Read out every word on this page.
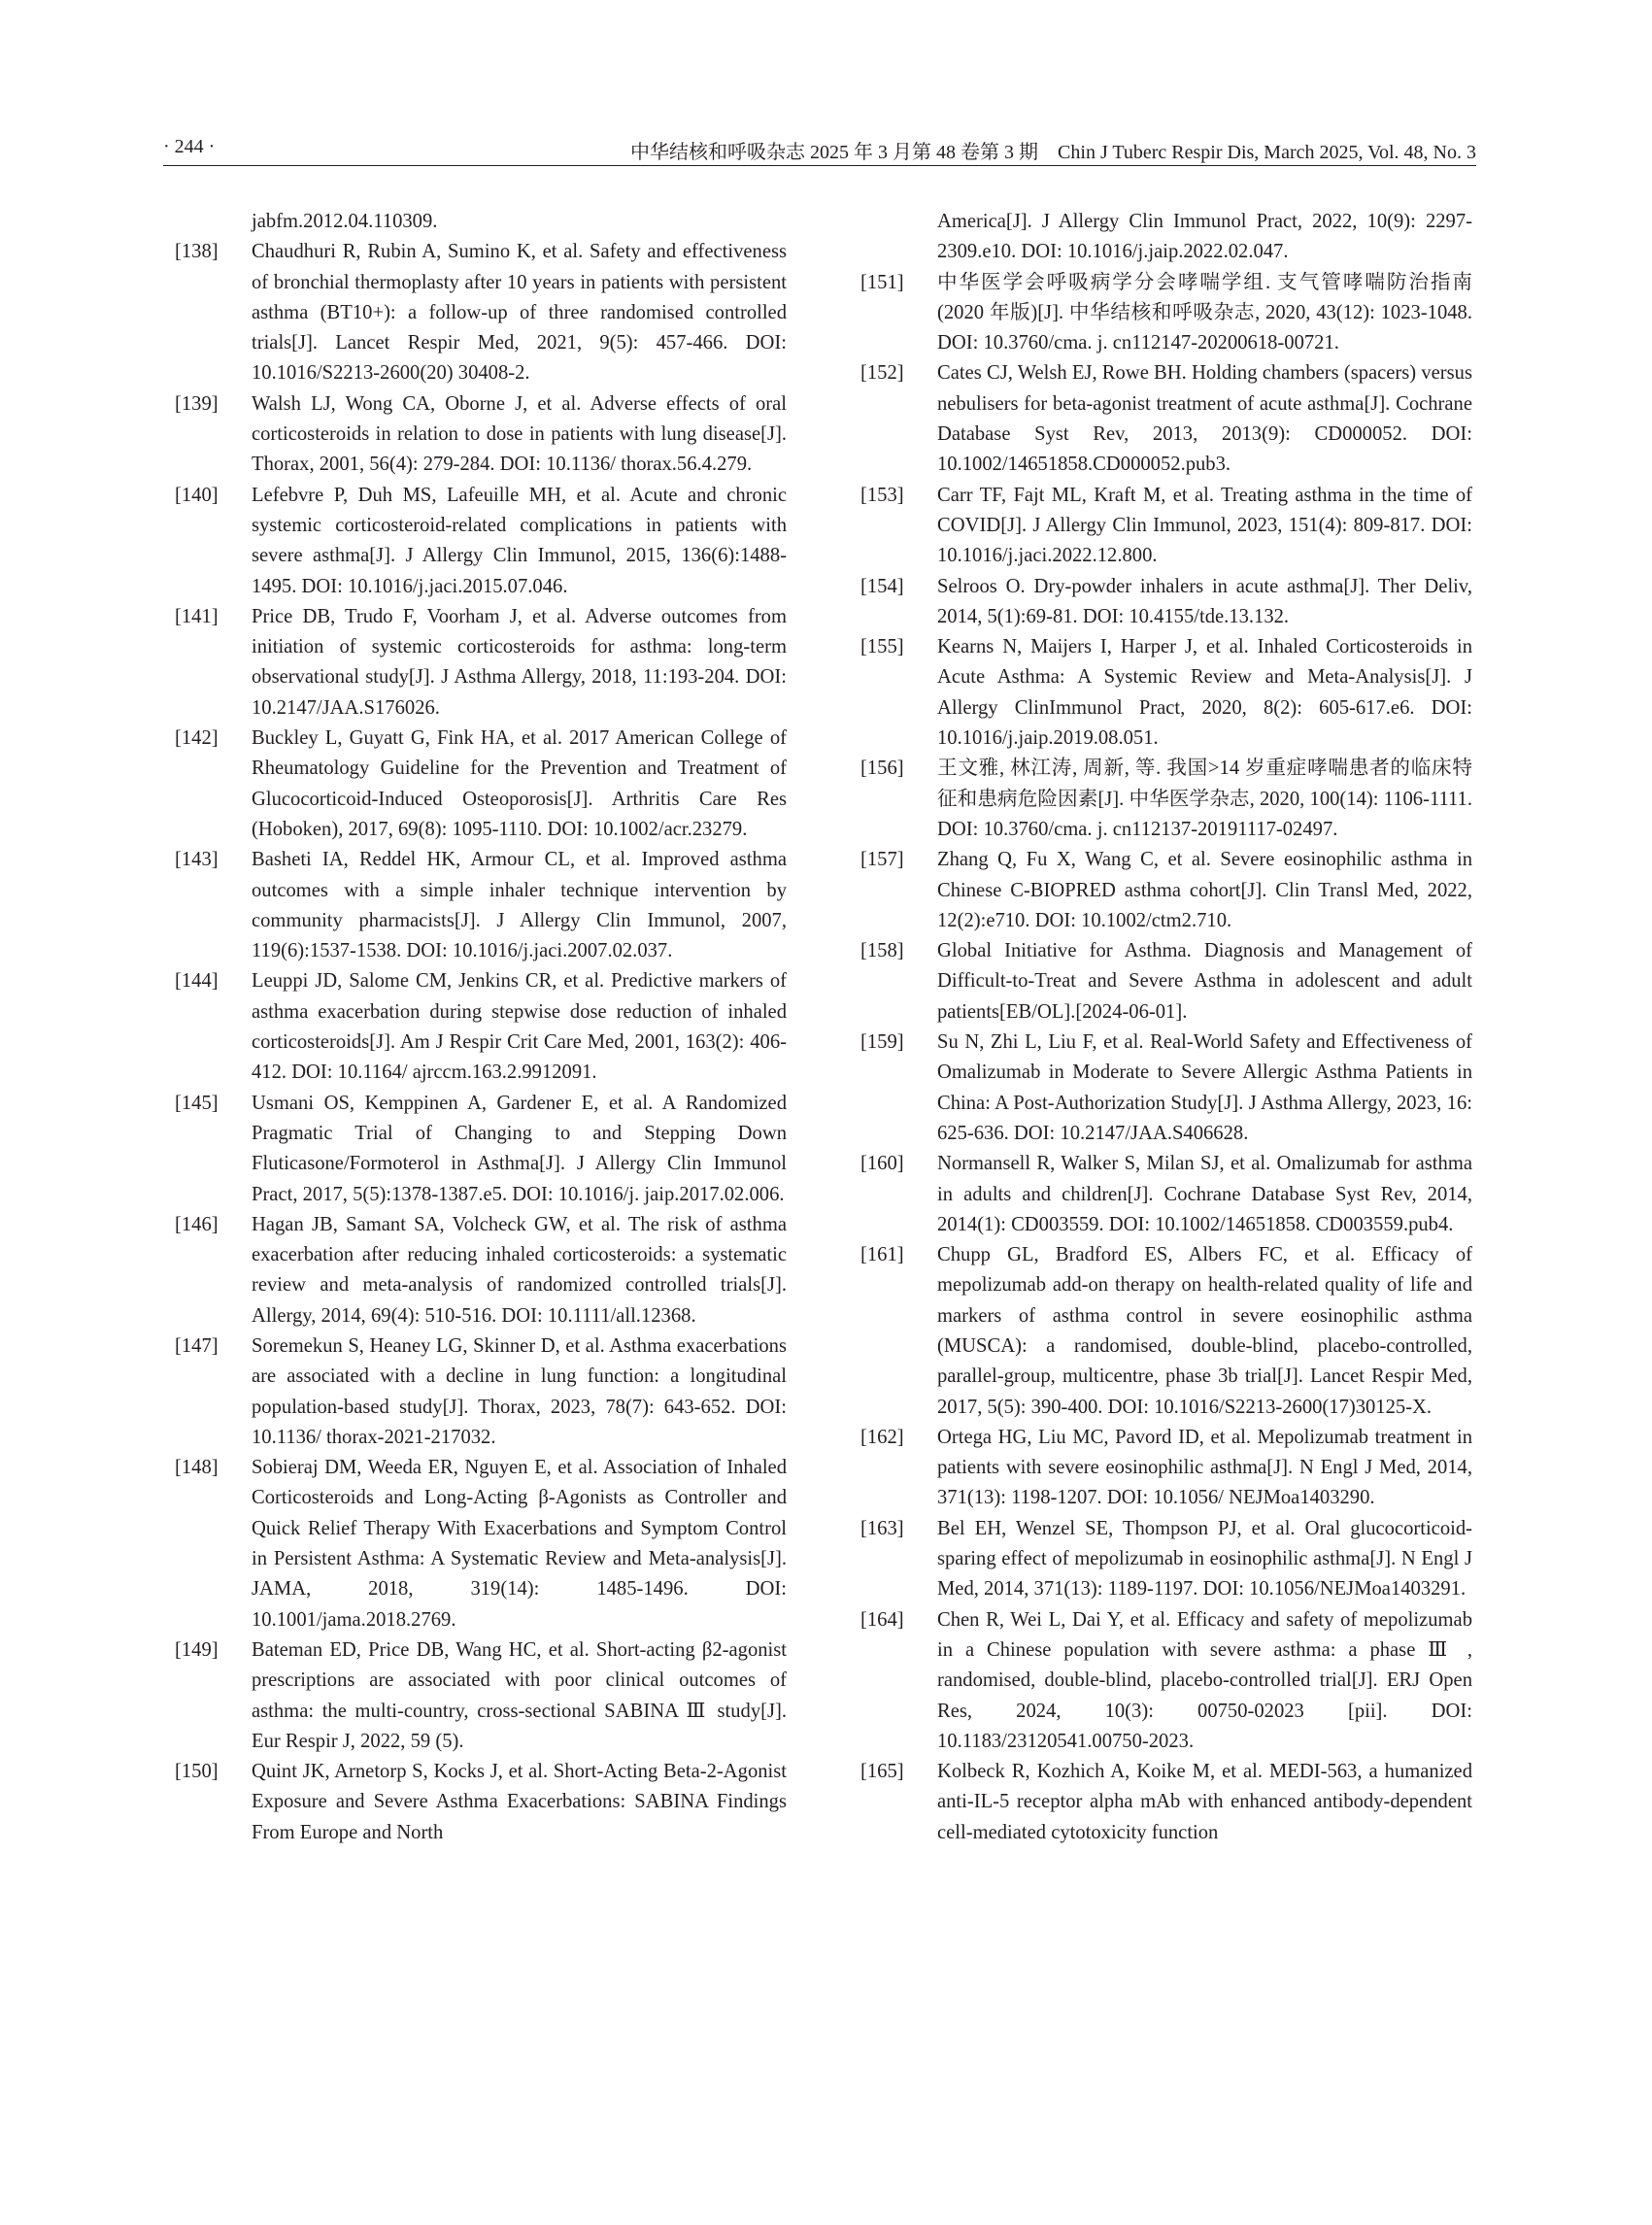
· 244 ·	中华结核和呼吸杂志 2025 年 3 月第 48 卷第 3 期　Chin J Tuberc Respir Dis, March 2025, Vol. 48, No. 3
jabfm.2012.04.110309.
[138] Chaudhuri R, Rubin A, Sumino K, et al. Safety and effectiveness of bronchial thermoplasty after 10 years in patients with persistent asthma (BT10+): a follow-up of three randomised controlled trials[J]. Lancet Respir Med, 2021, 9(5): 457-466. DOI: 10.1016/S2213-2600(20) 30408-2.
[139] Walsh LJ, Wong CA, Oborne J, et al. Adverse effects of oral corticosteroids in relation to dose in patients with lung disease[J]. Thorax, 2001, 56(4): 279-284. DOI: 10.1136/ thorax.56.4.279.
[140] Lefebvre P, Duh MS, Lafeuille MH, et al. Acute and chronic systemic corticosteroid-related complications in patients with severe asthma[J]. J Allergy Clin Immunol, 2015, 136(6):1488-1495. DOI: 10.1016/j.jaci.2015.07.046.
[141] Price DB, Trudo F, Voorham J, et al. Adverse outcomes from initiation of systemic corticosteroids for asthma: long-term observational study[J]. J Asthma Allergy, 2018, 11:193-204. DOI: 10.2147/JAA.S176026.
[142] Buckley L, Guyatt G, Fink HA, et al. 2017 American College of Rheumatology Guideline for the Prevention and Treatment of Glucocorticoid-Induced Osteoporosis[J]. Arthritis Care Res (Hoboken), 2017, 69(8): 1095-1110. DOI: 10.1002/acr.23279.
[143] Basheti IA, Reddel HK, Armour CL, et al. Improved asthma outcomes with a simple inhaler technique intervention by community pharmacists[J]. J Allergy Clin Immunol, 2007, 119(6):1537-1538. DOI: 10.1016/j.jaci.2007.02.037.
[144] Leuppi JD, Salome CM, Jenkins CR, et al. Predictive markers of asthma exacerbation during stepwise dose reduction of inhaled corticosteroids[J]. Am J Respir Crit Care Med, 2001, 163(2): 406-412. DOI: 10.1164/ ajrccm.163.2.9912091.
[145] Usmani OS, Kemppinen A, Gardener E, et al. A Randomized Pragmatic Trial of Changing to and Stepping Down Fluticasone/Formoterol in Asthma[J]. J Allergy Clin Immunol Pract, 2017, 5(5):1378-1387.e5. DOI: 10.1016/j. jaip.2017.02.006.
[146] Hagan JB, Samant SA, Volcheck GW, et al. The risk of asthma exacerbation after reducing inhaled corticosteroids: a systematic review and meta-analysis of randomized controlled trials[J]. Allergy, 2014, 69(4): 510-516. DOI: 10.1111/all.12368.
[147] Soremekun S, Heaney LG, Skinner D, et al. Asthma exacerbations are associated with a decline in lung function: a longitudinal population-based study[J]. Thorax, 2023, 78(7): 643-652. DOI: 10.1136/ thorax-2021-217032.
[148] Sobieraj DM, Weeda ER, Nguyen E, et al. Association of Inhaled Corticosteroids and Long-Acting β-Agonists as Controller and Quick Relief Therapy With Exacerbations and Symptom Control in Persistent Asthma: A Systematic Review and Meta-analysis[J]. JAMA, 2018, 319(14): 1485-1496. DOI: 10.1001/jama.2018.2769.
[149] Bateman ED, Price DB, Wang HC, et al. Short-acting β2-agonist prescriptions are associated with poor clinical outcomes of asthma: the multi-country, cross-sectional SABINA Ⅲ study[J]. Eur Respir J, 2022, 59 (5).
[150] Quint JK, Arnetorp S, Kocks J, et al. Short-Acting Beta-2-Agonist Exposure and Severe Asthma Exacerbations: SABINA Findings From Europe and North
America[J]. J Allergy Clin Immunol Pract, 2022, 10(9): 2297-2309.e10. DOI: 10.1016/j.jaip.2022.02.047.
[151] 中华医学会呼吸病学分会哮喘学组. 支气管哮喘防治指南(2020 年版)[J]. 中华结核和呼吸杂志, 2020, 43(12): 1023-1048. DOI: 10.3760/cma. j. cn112147-20200618-00721.
[152] Cates CJ, Welsh EJ, Rowe BH. Holding chambers (spacers) versus nebulisers for beta-agonist treatment of acute asthma[J]. Cochrane Database Syst Rev, 2013, 2013(9): CD000052. DOI: 10.1002/14651858.CD000052.pub3.
[153] Carr TF, Fajt ML, Kraft M, et al. Treating asthma in the time of COVID[J]. J Allergy Clin Immunol, 2023, 151(4): 809-817. DOI: 10.1016/j.jaci.2022.12.800.
[154] Selroos O. Dry-powder inhalers in acute asthma[J]. Ther Deliv, 2014, 5(1):69-81. DOI: 10.4155/tde.13.132.
[155] Kearns N, Maijers I, Harper J, et al. Inhaled Corticosteroids in Acute Asthma: A Systemic Review and Meta-Analysis[J]. J Allergy ClinImmunol Pract, 2020, 8(2): 605-617.e6. DOI: 10.1016/j.jaip.2019.08.051.
[156] 王文雅, 林江涛, 周新, 等. 我国>14 岁重症哮喘患者的临床特征和患病危险因素[J]. 中华医学杂志, 2020, 100(14): 1106-1111. DOI: 10.3760/cma. j. cn112137-20191117-02497.
[157] Zhang Q, Fu X, Wang C, et al. Severe eosinophilic asthma in Chinese C-BIOPRED asthma cohort[J]. Clin Transl Med, 2022, 12(2):e710. DOI: 10.1002/ctm2.710.
[158] Global Initiative for Asthma. Diagnosis and Management of Difficult-to-Treat and Severe Asthma in adolescent and adult patients[EB/OL].[2024-06-01].
[159] Su N, Zhi L, Liu F, et al. Real-World Safety and Effectiveness of Omalizumab in Moderate to Severe Allergic Asthma Patients in China: A Post-Authorization Study[J]. J Asthma Allergy, 2023, 16: 625-636. DOI: 10.2147/JAA.S406628.
[160] Normansell R, Walker S, Milan SJ, et al. Omalizumab for asthma in adults and children[J]. Cochrane Database Syst Rev, 2014, 2014(1): CD003559. DOI: 10.1002/14651858. CD003559.pub4.
[161] Chupp GL, Bradford ES, Albers FC, et al. Efficacy of mepolizumab add-on therapy on health-related quality of life and markers of asthma control in severe eosinophilic asthma (MUSCA): a randomised, double-blind, placebo-controlled, parallel-group, multicentre, phase 3b trial[J]. Lancet Respir Med, 2017, 5(5): 390-400. DOI: 10.1016/S2213-2600(17)30125-X.
[162] Ortega HG, Liu MC, Pavord ID, et al. Mepolizumab treatment in patients with severe eosinophilic asthma[J]. N Engl J Med, 2014, 371(13): 1198-1207. DOI: 10.1056/ NEJMoa1403290.
[163] Bel EH, Wenzel SE, Thompson PJ, et al. Oral glucocorticoid-sparing effect of mepolizumab in eosinophilic asthma[J]. N Engl J Med, 2014, 371(13): 1189-1197. DOI: 10.1056/NEJMoa1403291.
[164] Chen R, Wei L, Dai Y, et al. Efficacy and safety of mepolizumab in a Chinese population with severe asthma: a phase Ⅲ , randomised, double-blind, placebo-controlled trial[J]. ERJ Open Res, 2024, 10(3): 00750-02023 [pii]. DOI: 10.1183/23120541.00750-2023.
[165] Kolbeck R, Kozhich A, Koike M, et al. MEDI-563, a humanized anti-IL-5 receptor alpha mAb with enhanced antibody-dependent cell-mediated cytotoxicity function
